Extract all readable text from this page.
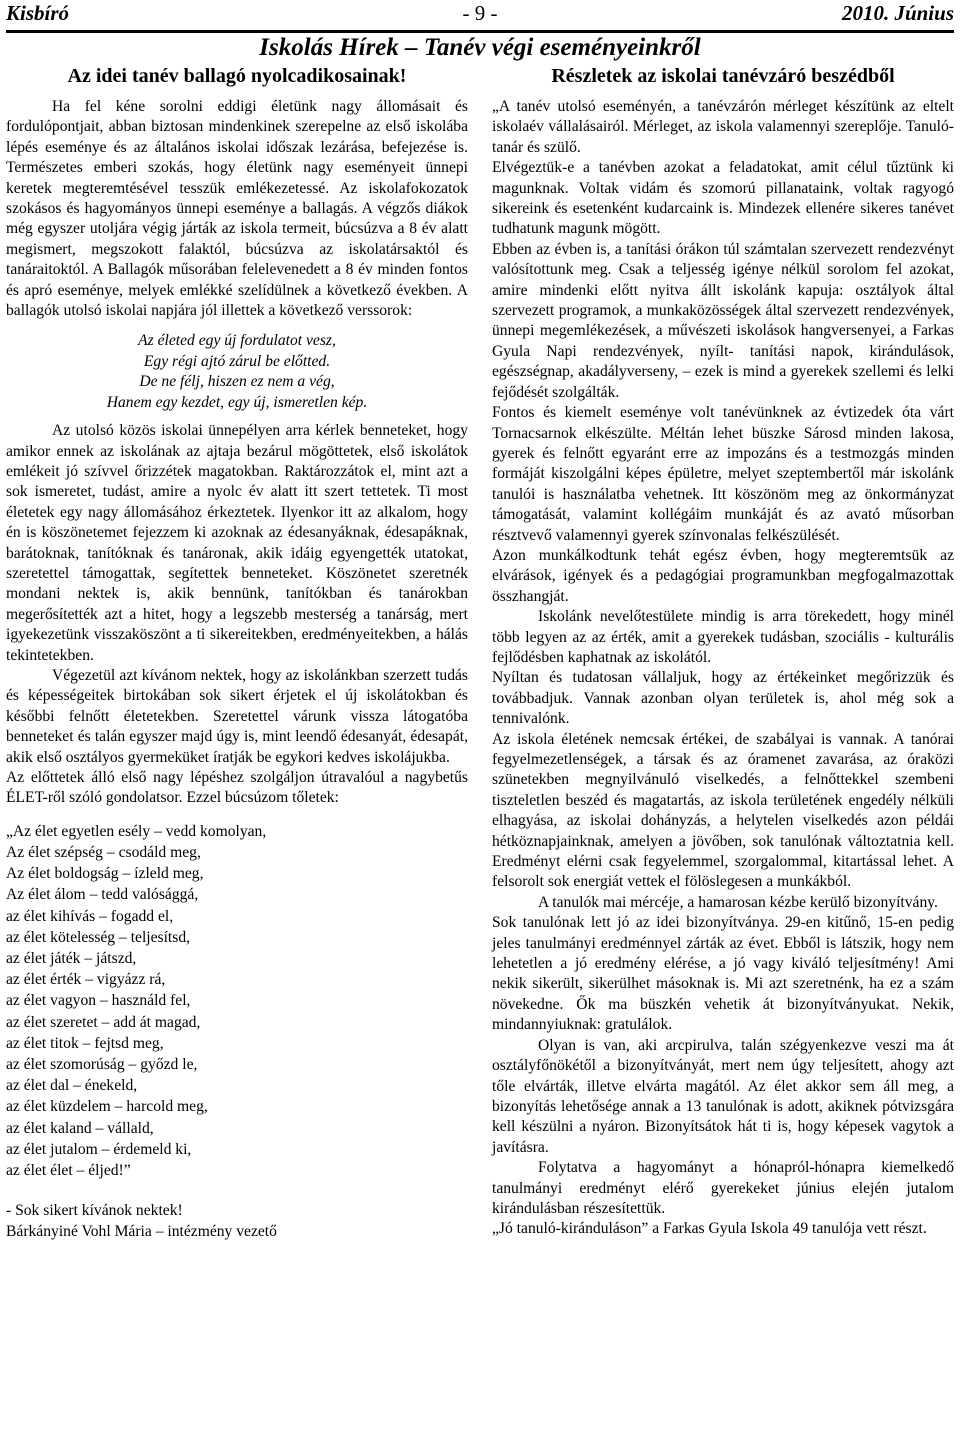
- 9 -
Kisbíró	2010. Június
Iskolás Hírek – Tanév végi eseményeinkről
Az idei tanév ballagó nyolcadikosainak!

Ha fel kéne sorolni eddigi életünk nagy állomásait és fordulópontjait, abban biztosan mindenkinek szerepelne az első iskolába lépés eseménye és az általános iskolai időszak lezárása, befejezése is. Természetes emberi szokás, hogy életünk nagy eseményeit ünnepi keretek megteremtésével tesszük emlékezetessé. Az iskolafokozatok szokásos és hagyományos ünnepi eseménye a ballagás. A végzős diákok még egyszer utoljára végig járták az iskola termeit, búcsúzva a 8 év alatt megismert, megszokott falaktól, búcsúzva az iskolatársaktól és tanáraitoktól. A Ballagók műsorában felelevenedett a 8 év minden fontos és apró eseménye, melyek emlékké szelídülnek a következő években. A ballagók utolsó iskolai napjára jól illettek a következő verssorok:

Az életed egy új fordulatot vesz,
Egy régi ajtó zárul be előtted.
De ne félj, hiszen ez nem a vég,
Hanem egy kezdet, egy új, ismeretlen kép.

Az utolsó közös iskolai ünnepélyen arra kérlek benneteket, hogy amikor ennek az iskolának az ajtaja bezárul mögöttetek, első iskolátok emlékeit jó szívvel őrizzétek magatokban. Raktározzátok el, mint azt a sok ismeretet, tudást, amire a nyolc év alatt itt szert tettetek. Ti most életetek egy nagy állomásához érkeztetek. Ilyenkor itt az alkalom, hogy én is köszönetemet fejezzem ki azoknak az édesanyáknak, édesapáknak, barátoknak, tanítóknak és tanáronak, akik idáig egyengették utatokat, szeretettel támogattak, segítettek benneteket. Köszönetet szeretnék mondani nektek is, akik bennünk, tanítókban és tanárokban megerősítették azt a hitet, hogy a legszebb mesterség a tanárság, mert igyekezetünk visszaköszönt a ti sikereitekben, eredményeitekben, a hálás tekintetekben.

Végezetül azt kívánom nektek, hogy az iskolánkban szerzett tudás és képességeitek birtokában sok sikert érjetek el új iskolátokban és későbbi felnőtt életetekben. Szeretettel várunk vissza látogatóba benneteket és talán egyszer majd úgy is, mint leendő édesanyát, édesapát, akik első osztályos gyermeküket íratják be egykori kedves iskolájukba.

Az előttetek álló első nagy lépéshez szolgáljon útravalóul a nagybetűs ÉLET-ről szóló gondolatsor. Ezzel búcsúzom tőletek:

„Az élet egyetlen esély – vedd komolyan,
Az élet szépség – csodáld meg,
Az élet boldogság – ízleld meg,
Az élet álom – tedd valósággá,
az élet kihívás – fogadd el,
az élet kötelesség – teljesítsd,
az élet játék – játszd,
az élet érték – vigyázz rá,
az élet vagyon – használd fel,
az élet szeretet – add át magad,
az élet titok – fejtsd meg,
az élet szomorúság – győzd le,
az élet dal – énekeld,
az élet küzdelem – harcold meg,
az élet kaland – vállald,
az élet jutalom – érdemeld ki,
az élet élet – éljed!”

- Sok sikert kívánok nektek!

Bárkányiné Vohl Mária – intézmény vezető

Részletek az iskolai tanévzáró beszédből

„A tanév utolsó eseményén, a tanévzárón mérleget készítünk az eltelt iskolaév vállalásairól. Mérleget, az iskola valamennyi szereplője. Tanuló-tanár és szülő.

Elvégeztük-e a tanévben azokat a feladatokat, amit célul tűztünk ki magunknak. Voltak vidám és szomorú pillanataink, voltak ragyogó sikereink és esetenként kudarcaink is. Mindezek ellenére sikeres tanévet tudhatunk magunk mögött.

Ebben az évben is, a tanítási órákon túl számtalan szervezett rendezvényt valósítottunk meg. Csak a teljesség igénye nélkül sorolom fel azokat, amire mindenki előtt nyitva állt iskolánk kapuja: osztályok által szervezett programok, a munkaközösségek által szervezett rendezvények, ünnepi megemlékezések, a művészeti iskolások hangversenyei, a Farkas Gyula Napi rendezvények, nyílt- tanítási napok, kirándulások, egészségnap, akadályverseny, – ezek is mind a gyerekek szellemi és lelki fejődését szolgálták.

Fontos és kiemelt eseménye volt tanévünknek az évtizedek óta várt Tornacsarnok elkészülte. Méltán lehet büszke Sárosd minden lakosa, gyerek és felnőtt egyaránt erre az impozáns és a testmozgás minden formáját kiszolgálni képes épületre, melyet szeptembertől már iskolánk tanulói is használatba vehetnek. Itt köszönöm meg az önkormányzat támogatását, valamint kollégáim munkáját és az avató műsorban résztvevő valamennyi gyerek színvonalas felkészülését.

Azon munkálkodtunk tehát egész évben, hogy megteremtsük az elvárások, igények és a pedagógiai programunkban megfogalmazottak összhangját.

Iskolánk nevelőtestülete mindig is arra törekedett, hogy minél több legyen az az érték, amit a gyerekek tudásban, szociális - kulturális fejlődésben kaphatnak az iskolától.

Nyíltan és tudatosan vállaljuk, hogy az értékeinket megőrizzük és továbbadjuk. Vannak azonban olyan területek is, ahol még sok a tennivalónk.

Az iskola életének nemcsak értékei, de szabályai is vannak. A tanórai fegyelmezetlenségek, a társak és az óramenet zavarása, az óraközi szünetekben megnyilvánuló viselkedés, a felnőttekkel szembeni tiszteletlen beszéd és magatartás, az iskola területének engedély nélküli elhagyása, az iskolai dohányzás, a helytelen viselkedés azon példái hétköznapjainknak, amelyen a jövőben, sok tanulónak változtatnia kell. Eredményt elérni csak fegyelemmel, szorgalommal, kitartással lehet. A felsorolt sok energiát vettek el fölöslegesen a munkákból.

A tanulók mai mércéje, a hamarosan kézbe kerülő bizonyítvány.

Sok tanulónak lett jó az idei bizonyítványa. 29-en kitűnő, 15-en pedig jeles tanulmányi eredménnyel zárták az évet. Ebből is látszik, hogy nem lehetetlen a jó eredmény elérése, a jó vagy kiváló teljesítmény! Ami nekik sikerült, sikerülhet másoknak is. Mi azt szeretnénk, ha ez a szám növekedne. Ők ma büszkén vehetik át bizonyítványukat. Nekik, mindannyiuknak: gratulálok.

Olyan is van, aki arcpirulva, talán szégyenkezve veszi ma át osztályfőnökétől a bizonyítványát, mert nem úgy teljesített, ahogy azt tőle elvárták, illetve elvárta magától. Az élet akkor sem áll meg, a bizonyítás lehetősége annak a 13 tanulónak is adott, akiknek pótvizsgára kell készülni a nyáron. Bizonyítsátok hát ti is, hogy képesek vagytok a javításra.

Folytatva a hagyományt a hónapról-hónapra kiemelkedő tanulmányi eredményt elérő gyerekeket június elején jutalom kirándulásban részesítettük.

„Jó tanuló-kiránduláson” a Farkas Gyula Iskola 49 tanulója vett részt.
